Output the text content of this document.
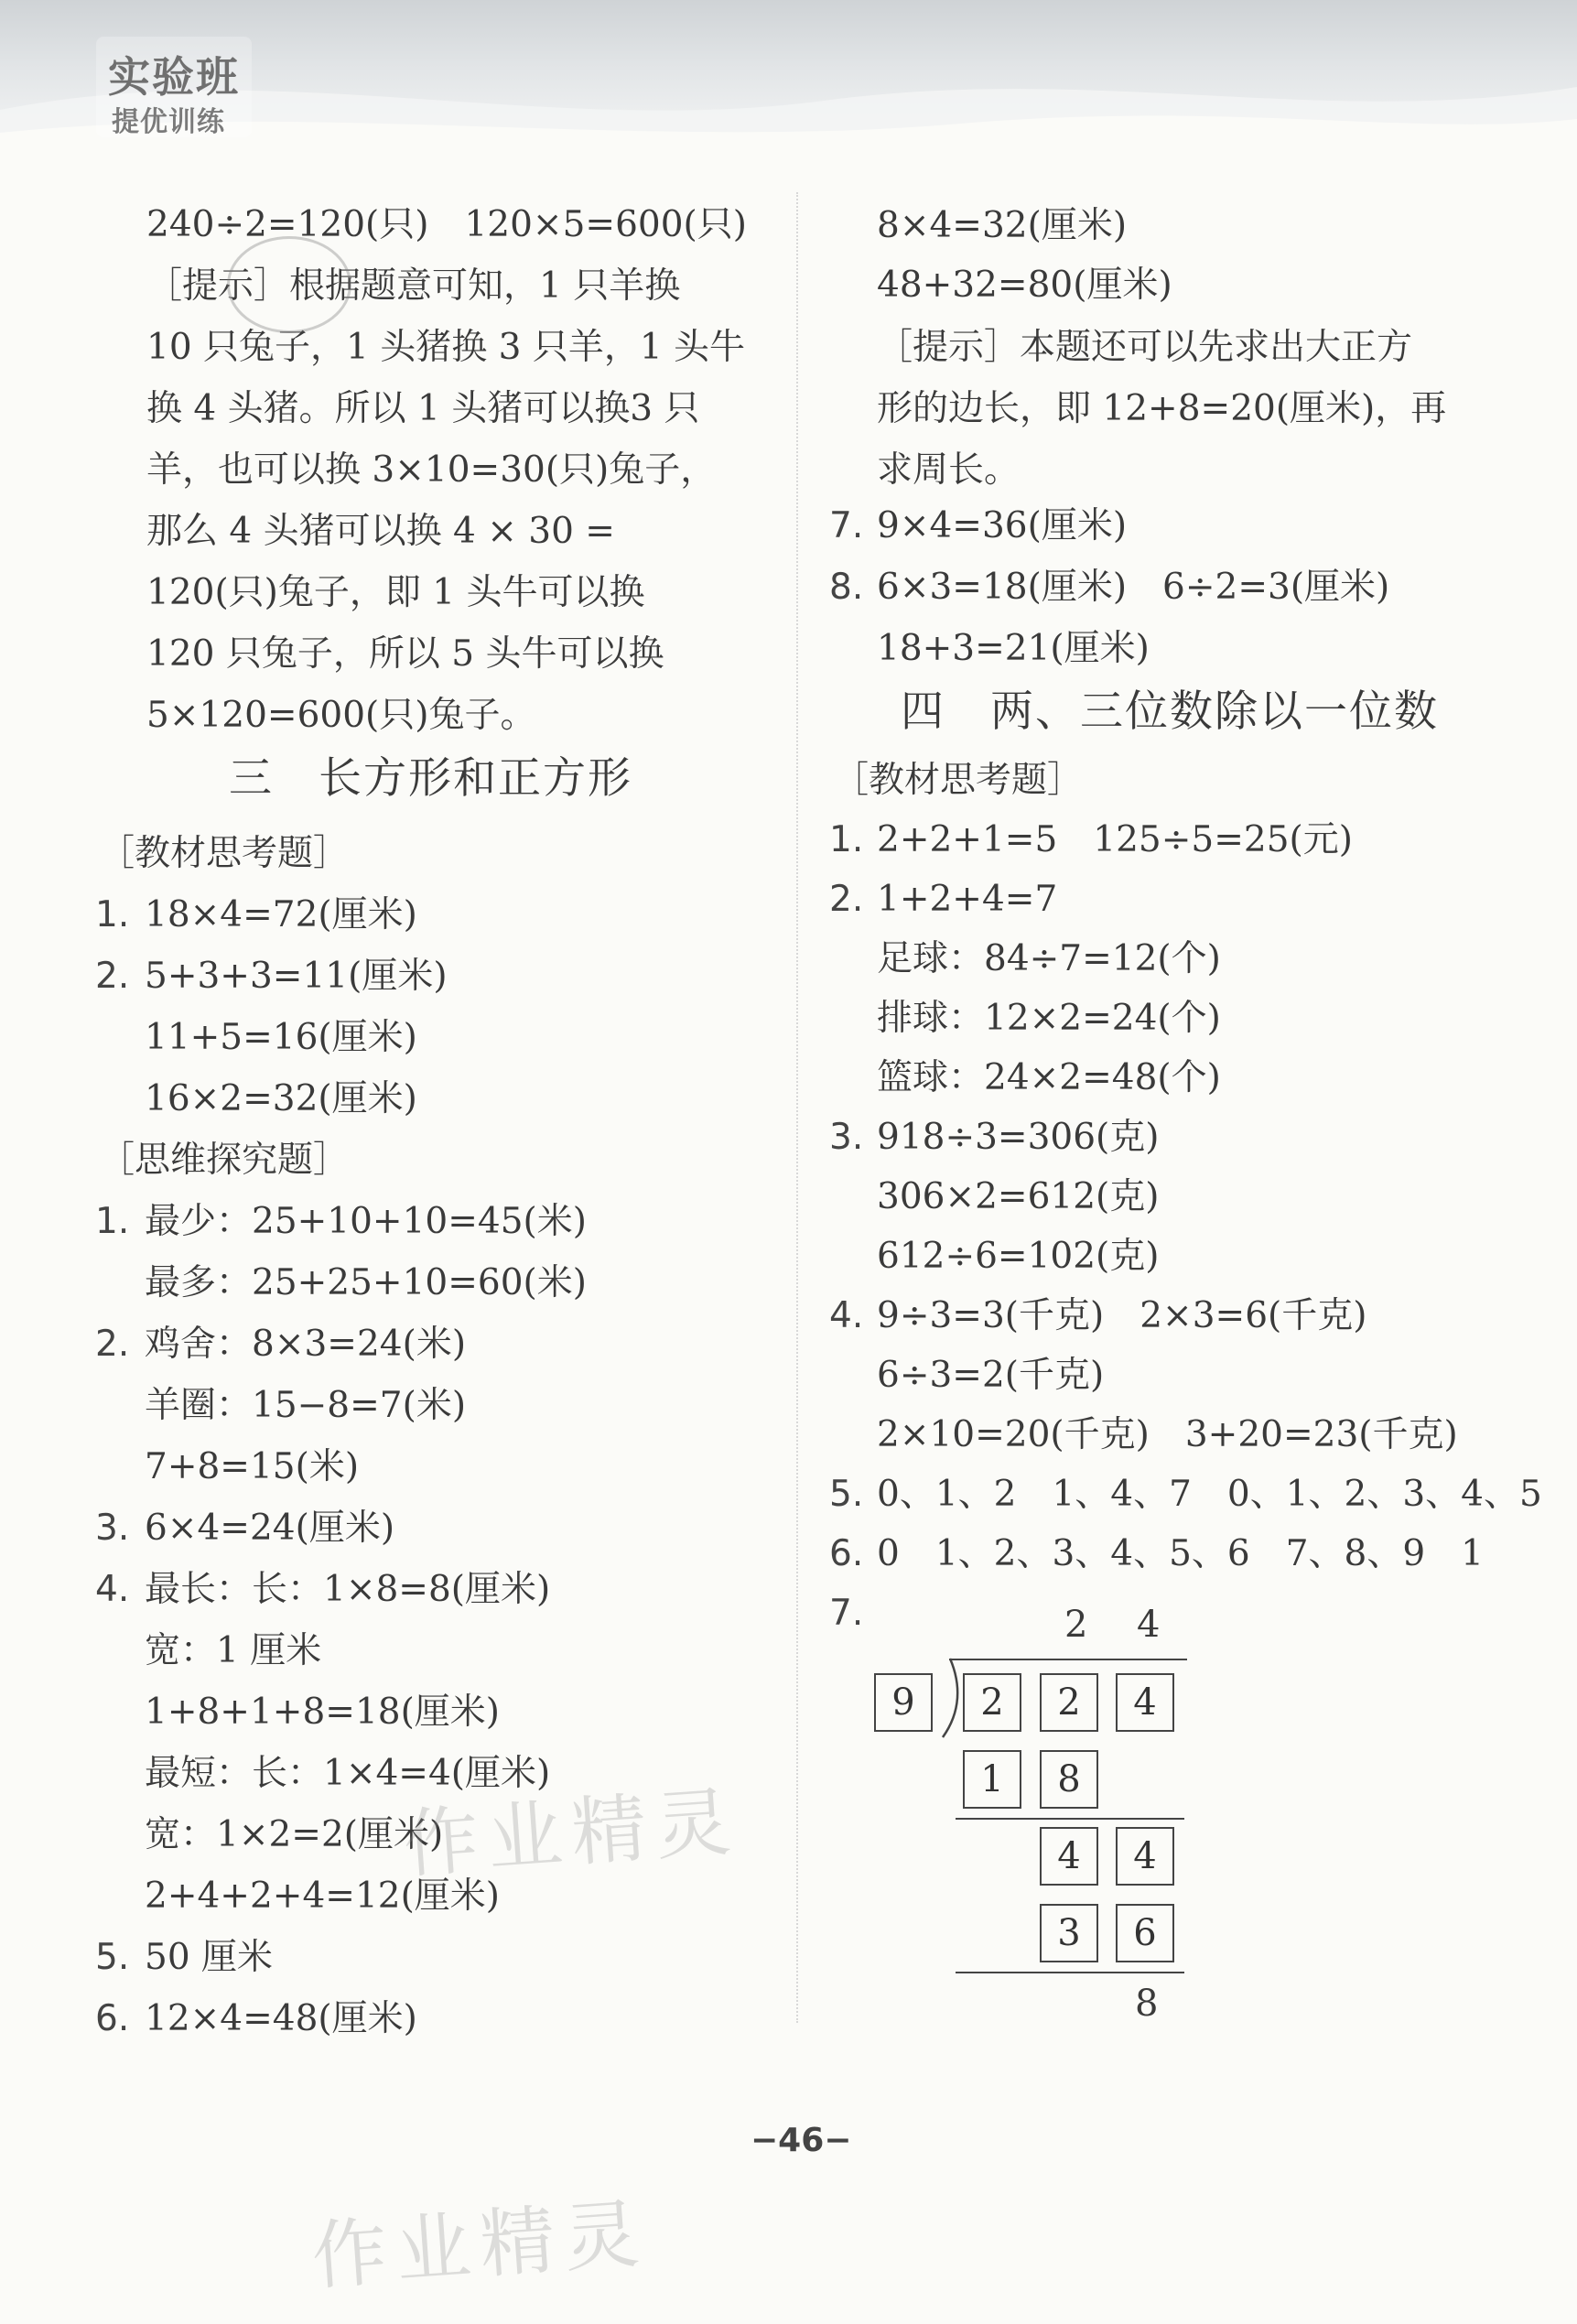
实验班
提优训练
240÷2=120(只)　120×5=600(只)
［提示］根据题意可知，1 只羊换
10 只兔子，1 头猪换 3 只羊，1 头牛
换 4 头猪。所以 1 头猪可以换3 只
羊，也可以换 3×10=30(只)兔子，
那么 4 头猪可以换 4 × 30 =
120(只)兔子，即 1 头牛可以换
120 只兔子，所以 5 头牛可以换
5×120=600(只)兔子。
三　长方形和正方形
［教材思考题］
1. 18×4=72(厘米)
2. 5+3+3=11(厘米)
11+5=16(厘米)
16×2=32(厘米)
［思维探究题］
1. 最少：25+10+10=45(米)
最多：25+25+10=60(米)
2. 鸡舍：8×3=24(米)
羊圈：15−8=7(米)
7+8=15(米)
3. 6×4=24(厘米)
4. 最长：长：1×8=8(厘米)
宽：1 厘米
1+8+1+8=18(厘米)
最短：长：1×4=4(厘米)
宽：1×2=2(厘米)
2+4+2+4=12(厘米)
5. 50 厘米
6. 12×4=48(厘米)
8×4=32(厘米)
48+32=80(厘米)
［提示］本题还可以先求出大正方
形的边长，即 12+8=20(厘米)，再
求周长。
7. 9×4=36(厘米)
8. 6×3=18(厘米)　6÷2=3(厘米)
18+3=21(厘米)
四　两、三位数除以一位数
［教材思考题］
1. 2+2+1=5　125÷5=25(元)
2. 1+2+4=7
足球：84÷7=12(个)
排球：12×2=24(个)
篮球：24×2=48(个)
3. 918÷3=306(克)
306×2=612(克)
612÷6=102(克)
4. 9÷3=3(千克)　2×3=6(千克)
6÷3=2(千克)
2×10=20(千克)　3+20=23(千克)
5. 0、1、2　1、4、7　0、1、2、3、4、5
6. 0　1、2、3、4、5、6　7、8、9　1
7.	2 4
9	2	2	4
1	8
4	4
3	6
8
作业精灵
作业精灵
−46−
